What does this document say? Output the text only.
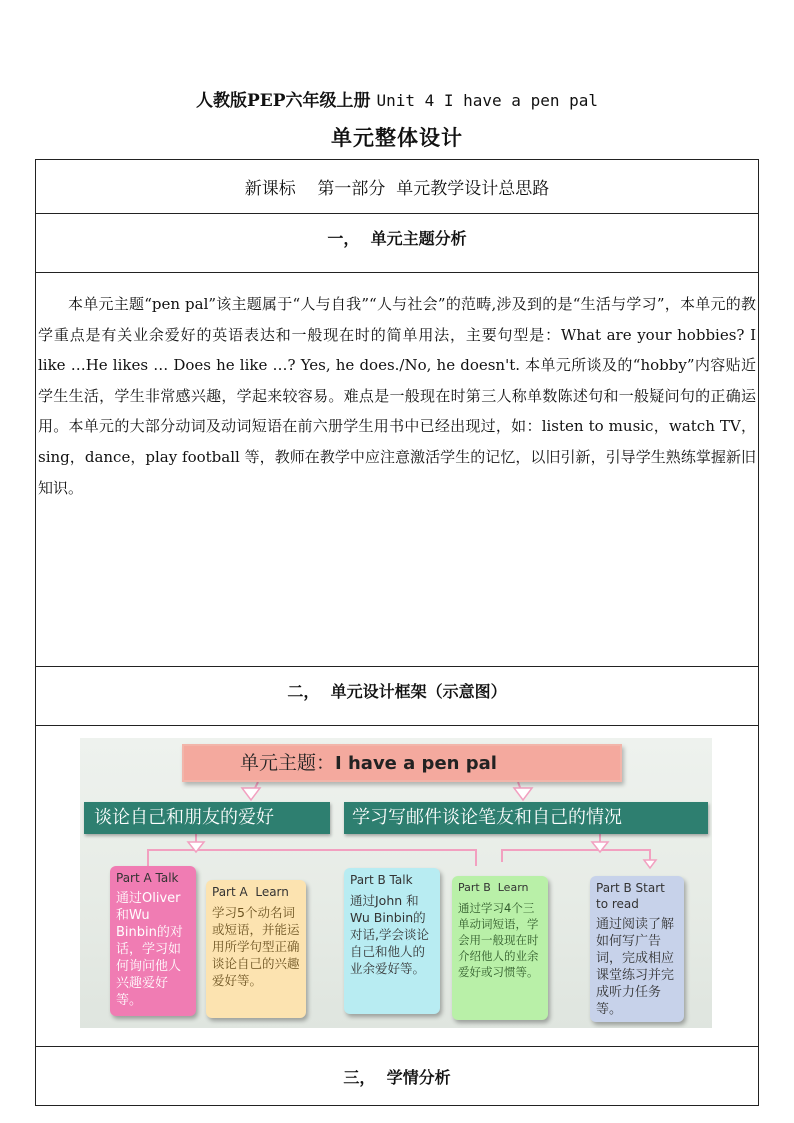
人教版PEP六年级上册 Unit 4 I have a pen pal
单元整体设计
新课标    第一部分  单元教学设计总思路
一，  单元主题分析

本单元主题“pen pal”该主题属于“人与自我”“人与社会”的范畴,涉及到的是“生活与学习”，本单元的教学重点是有关业余爱好的英语表达和一般现在时的简单用法，主要句型是：What are your hobbies? I like …He likes … Does he like …? Yes, he does./No, he doesn't. 本单元所谈及的“hobby”内容贴近学生生活，学生非常感兴趣，学起来较容易。难点是一般现在时第三人称单数陈述句和一般疑问句的正确运用。本单元的大部分动词及动词短语在前六册学生用书中已经出现过，如：listen to music，watch TV，sing，dance，play football 等，教师在教学中应注意激活学生的记忆，以旧引新，引导学生熟练掌握新旧知识。

二，  单元设计框架（示意图）

单元主题：I have a pen pal
谈论自己和朋友的爱好	学习写邮件谈论笔友和自己的情况
Part A Talk
通过Oliver和Wu Binbin的对话，学习如何询问他人兴趣爱好等。
Part A  Learn
学习5个动名词或短语，并能运用所学句型正确谈论自己的兴趣爱好等。
Part B Talk
通过John 和Wu Binbin的对话,学会谈论自己和他人的业余爱好等。
Part B  Learn
通过学习4个三单动词短语，学会用一般现在时介绍他人的业余爱好或习惯等。
Part B Start to read
通过阅读了解如何写广告词，完成相应课堂练习并完成听力任务等。

三，  学情分析
